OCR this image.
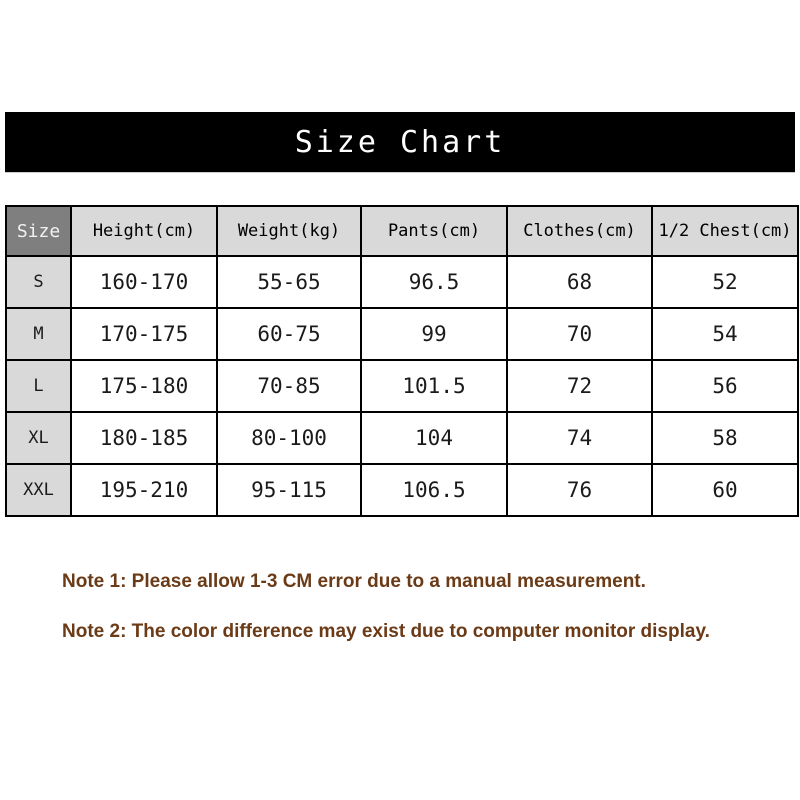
Size Chart
Size	Height(cm)	Weight(kg)	Pants(cm)	Clothes(cm)	1/2 Chest(cm)
S	160-170	55-65	96.5	68	52
M	170-175	60-75	99	70	54
L	175-180	70-85	101.5	72	56
XL	180-185	80-100	104	74	58
XXL	195-210	95-115	106.5	76	60

Note 1: Please allow 1-3 CM error due to a manual measurement.

Note 2: The color difference may exist due to computer monitor display.
